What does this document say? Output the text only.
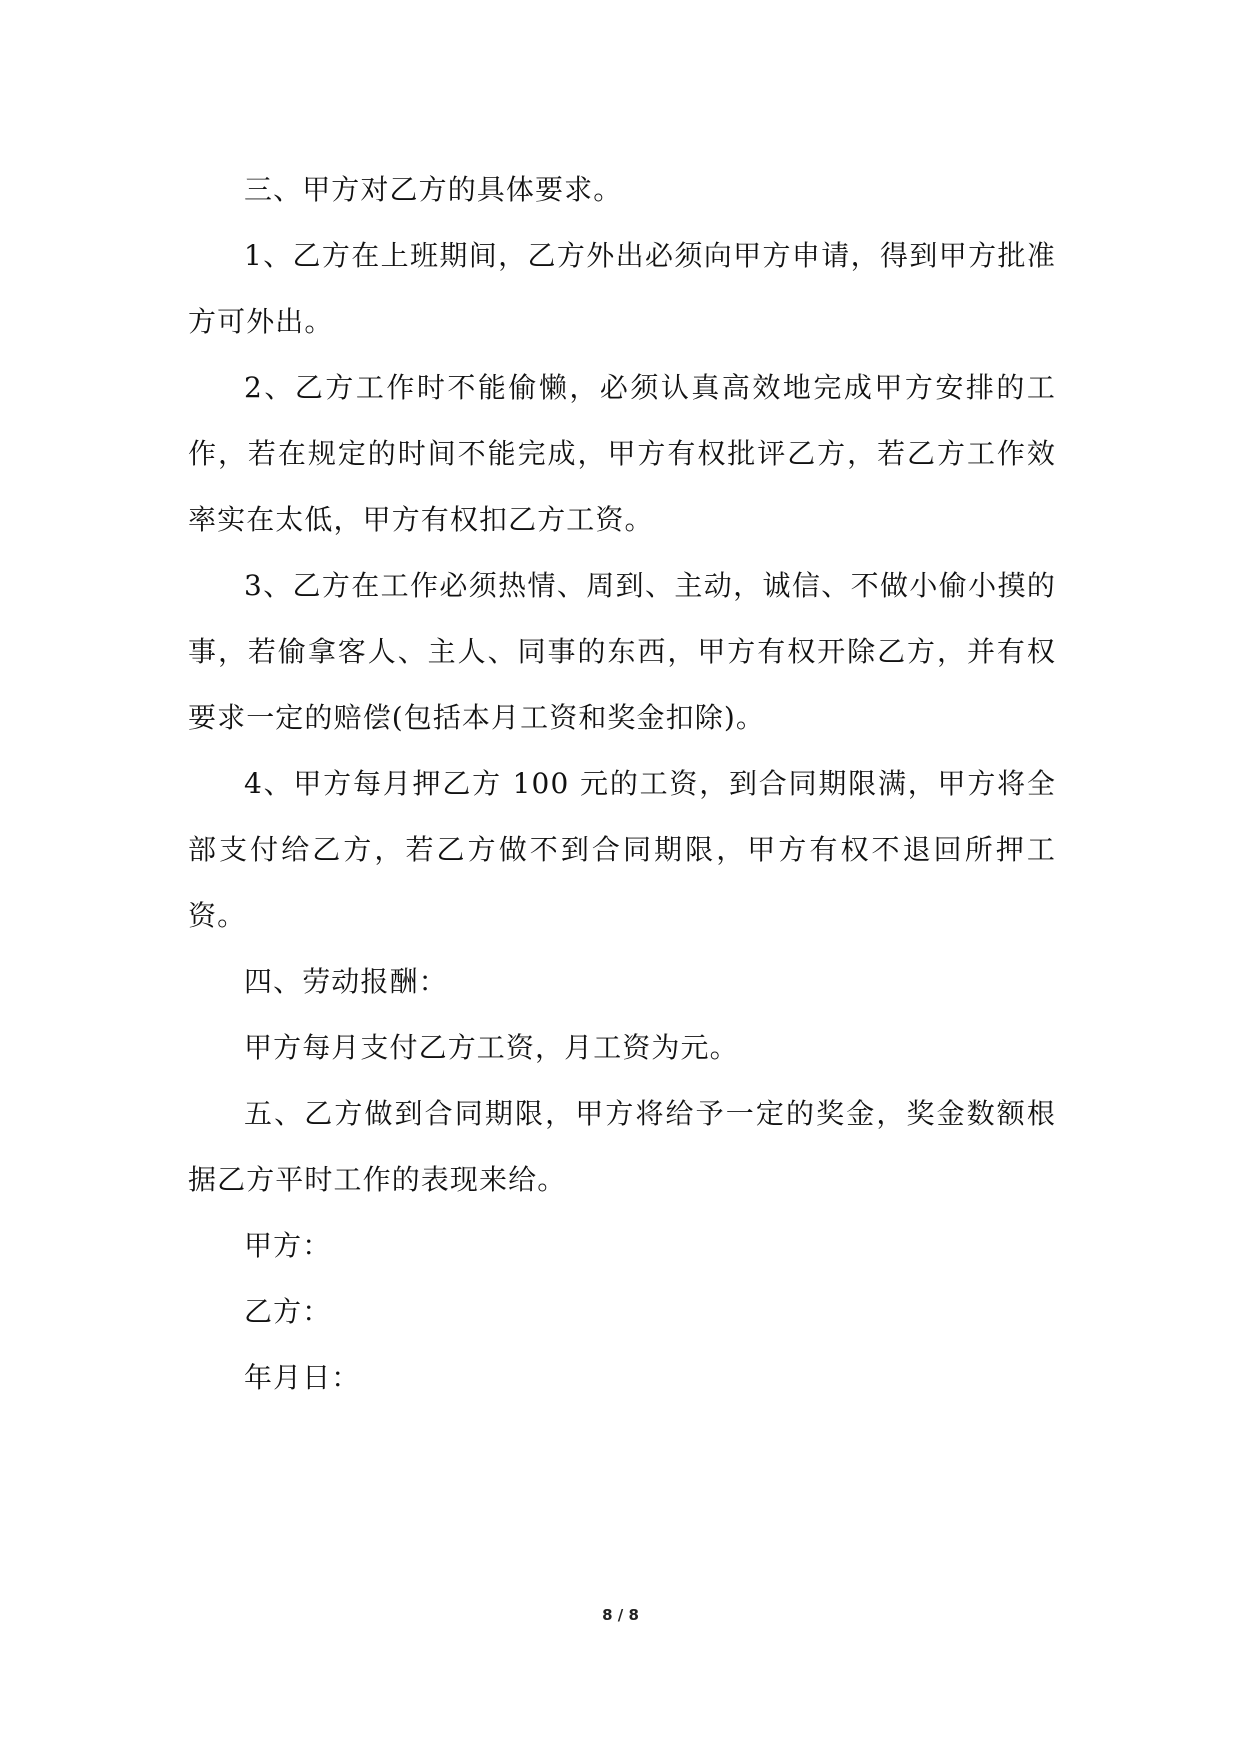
三、甲方对乙方的具体要求。

1、乙方在上班期间，乙方外出必须向甲方申请，得到甲方批准方可外出。

2、乙方工作时不能偷懒，必须认真高效地完成甲方安排的工作，若在规定的时间不能完成，甲方有权批评乙方，若乙方工作效率实在太低，甲方有权扣乙方工资。

3、乙方在工作必须热情、周到、主动，诚信、不做小偷小摸的事，若偷拿客人、主人、同事的东西，甲方有权开除乙方，并有权要求一定的赔偿(包括本月工资和奖金扣除)。

4、甲方每月押乙方 100 元的工资，到合同期限满，甲方将全部支付给乙方，若乙方做不到合同期限，甲方有权不退回所押工资。

四、劳动报酬：

甲方每月支付乙方工资，月工资为元。

五、乙方做到合同期限，甲方将给予一定的奖金，奖金数额根据乙方平时工作的表现来给。

甲方：

乙方：

年月日：

8 / 8
